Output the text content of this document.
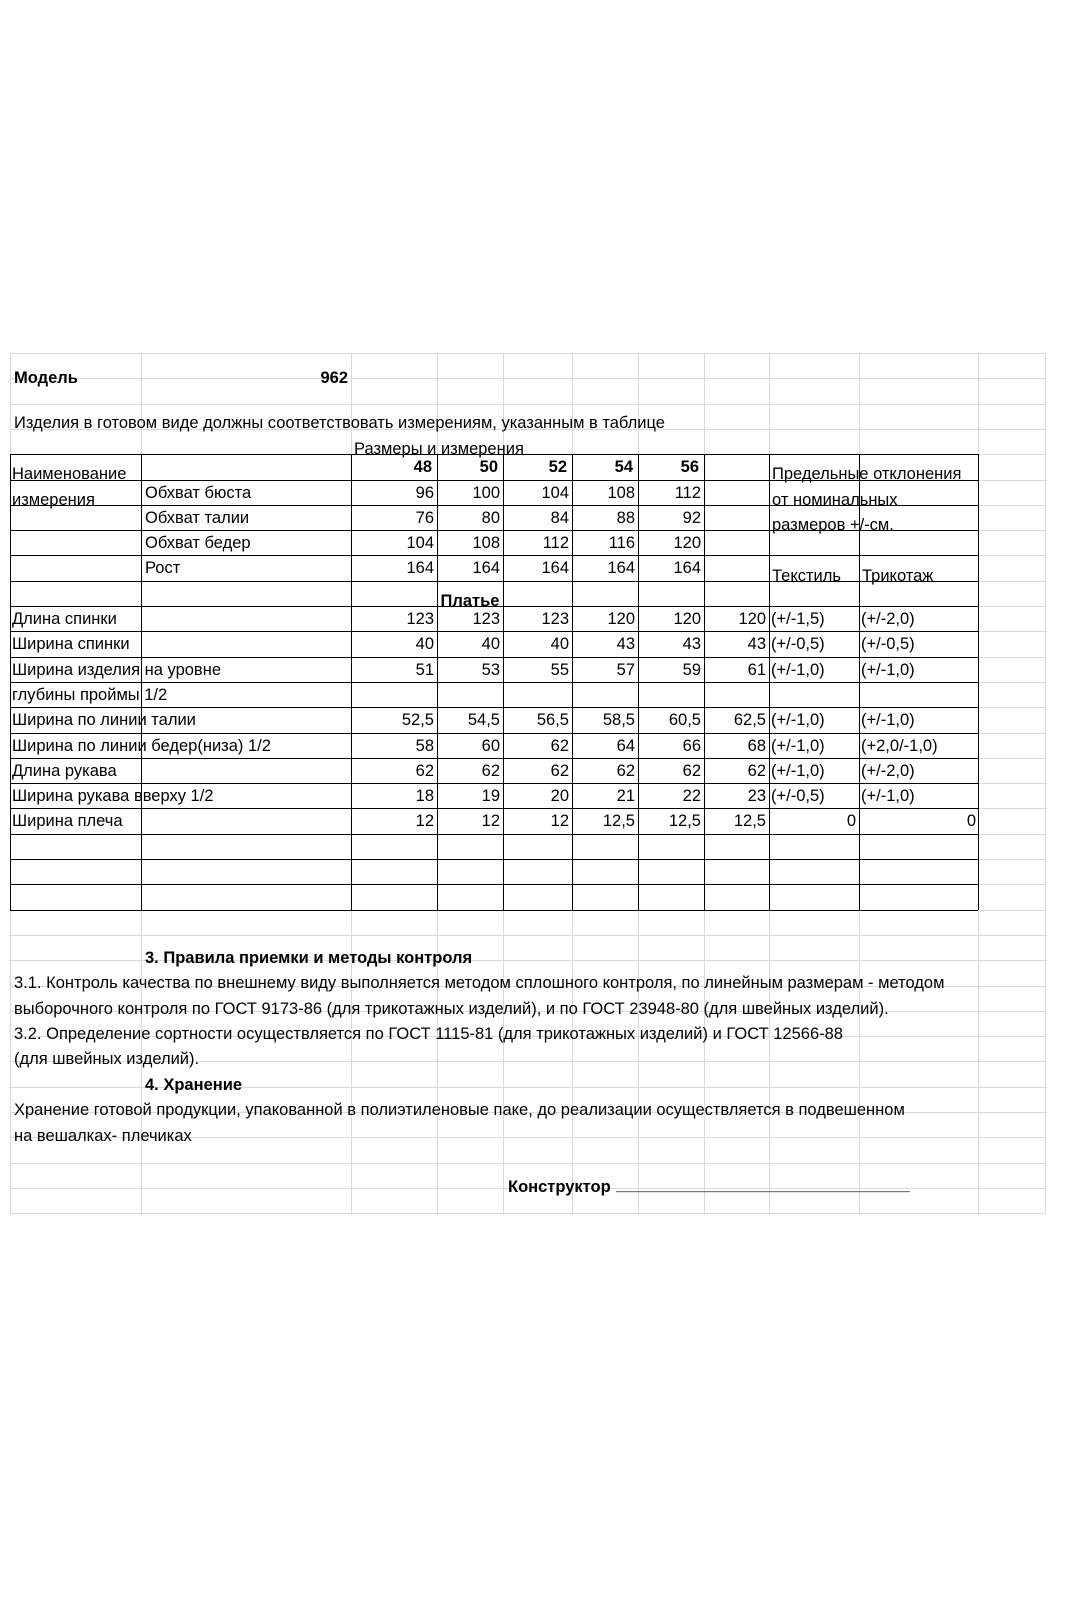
Модель	962
Изделия в готовом виде должны соответствовать измерениям, указанным в таблице
Размеры и измерения
Наименование
измерения
48	50	52	54	56	Предельные отклонения
от номинальных
размеров +/-см.
Текстиль Трикотаж
Обхват бюста	96	100	104	108	112
Обхват талии	76	80	84	88	92
Обхват бедер	104	108	112	116	120
Рост	164	164	164	164	164
Платье
Длина спинки	123	123	123	120	120	120 (+/-1,5) (+/-2,0)
Ширина спинки	40	40	40	43	43	43 (+/-0,5) (+/-0,5)
Ширина изделия на уровне	51	53	55	57	59	61 (+/-1,0) (+/-1,0)
глубины проймы 1/2
Ширина по линии талии	52,5	54,5	56,5	58,5	60,5	62,5 (+/-1,0) (+/-1,0)
Ширина по линии бедер(низа) 1/2	58	60	62	64	66	68 (+/-1,0) (+2,0/-1,0)
Длина рукава	62	62	62	62	62	62 (+/-1,0) (+/-2,0)
Ширина рукава вверху 1/2	18	19	20	21	22	23 (+/-0,5) (+/-1,0)
Ширина плеча	12	12	12	12,5	12,5	12,5	0	0
3. Правила приемки и методы контроля
3.1. Контроль качества по внешнему виду выполняется методом сплошного контроля, по линейным размерам - методом
выборочного контроля по ГОСТ 9173-86 (для трикотажных изделий), и по ГОСТ 23948-80 (для швейных изделий).
3.2. Определение сортности осуществляется по ГОСТ 1115-81 (для трикотажных изделий) и ГОСТ 12566-88
(для швейных изделий).
4. Хранение
Хранение готовой продукции, упакованной в полиэтиленовые паке, до реализации осуществляется в подвешенном
на вешалках- плечиках
Конструктор ________________________________
